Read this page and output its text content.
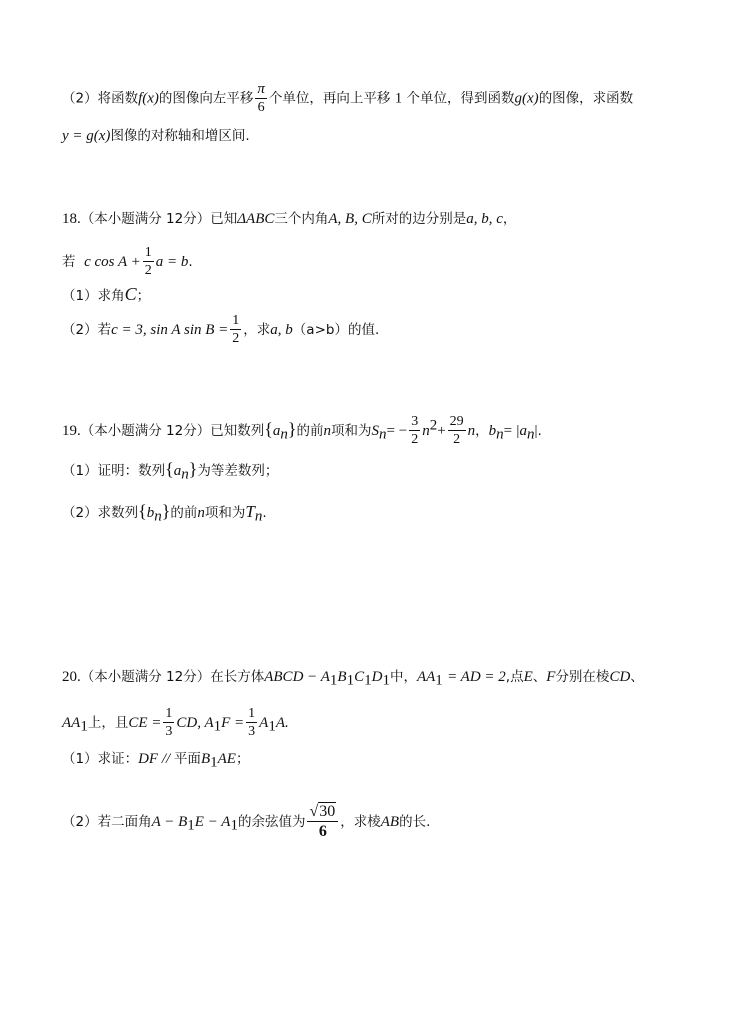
（2）将函数f(x)的图像向左平移 $\frac{\pi}{6}$ 个单位，再向上平移 1 个单位，得到函数g(x)的图像，求函数
y = g(x)图像的对称轴和增区间.
18.（本小题满分 12分）已知ΔABC三个内角A, B, C所对的边分别是a, b, c，
若 c $\cos A + \frac{1}{2}$ a = b.
（1）求角C；
（2）若c = 3, sin A $\sin B = \frac{1}{2}$ ，求a, b（a>b）的值.
19.（本小题满分 12分）已知数列$\{a_n\}$的前n项和为$S_n= - \frac{3}{2} n^2+ \frac{29}{2}$ n，$b_n= |a_n|$.
（1）证明：数列$\{a_n\}$为等差数列；
（2）求数列$\{b_n\}$的前n项和为$T_n$.
20.（本小题满分 12分）在长方体ABCD − $A_1B_1C_1D_1$中，$AA_1$ = AD = 2,点E、F分别在棱CD、
$AA_1$上，且CE = $\frac{1}{3}$ CD, $A_1F = \frac{1}{3} A_1A$.
（1）求证：DF // 平面$B_1AE$；
（2）若二面角$A - B_1E - A_1$的余弦值为 $\frac{√30}{6}$ ，求棱AB的长.
